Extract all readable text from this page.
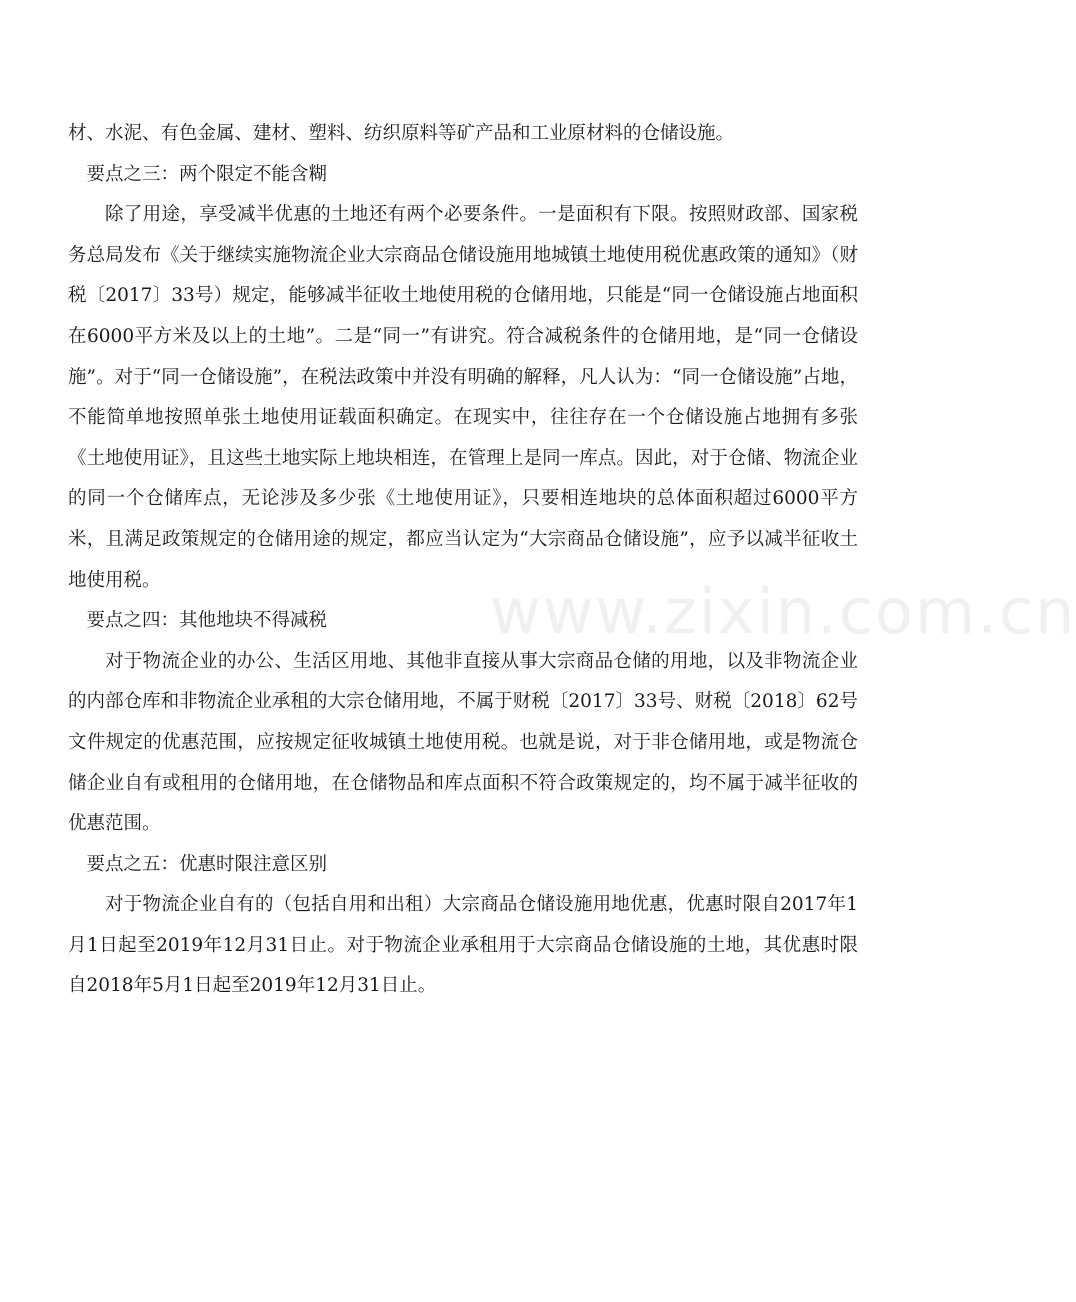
材、水泥、有色金属、建材、塑料、纺织原料等矿产品和工业原材料的仓储设施。

要点之三：两个限定不能含糊

除了用途，享受减半优惠的土地还有两个必要条件。一是面积有下限。按照财政部、国家税务总局发布《关于继续实施物流企业大宗商品仓储设施用地城镇土地使用税优惠政策的通知》（财税〔2017〕33号）规定，能够减半征收土地使用税的仓储用地，只能是“同一仓储设施占地面积在6000平方米及以上的土地”。二是“同一”有讲究。符合减税条件的仓储用地，是“同一仓储设施”。对于“同一仓储设施”，在税法政策中并没有明确的解释，凡人认为：“同一仓储设施”占地，不能简单地按照单张土地使用证载面积确定。在现实中，往往存在一个仓储设施占地拥有多张《土地使用证》，且这些土地实际上地块相连，在管理上是同一库点。因此，对于仓储、物流企业的同一个仓储库点，无论涉及多少张《土地使用证》，只要相连地块的总体面积超过6000平方米，且满足政策规定的仓储用途的规定，都应当认定为“大宗商品仓储设施”，应予以减半征收土地使用税。

要点之四：其他地块不得减税

对于物流企业的办公、生活区用地、其他非直接从事大宗商品仓储的用地，以及非物流企业的内部仓库和非物流企业承租的大宗仓储用地，不属于财税〔2017〕33号、财税〔2018〕62号文件规定的优惠范围，应按规定征收城镇土地使用税。也就是说，对于非仓储用地，或是物流仓储企业自有或租用的仓储用地，在仓储物品和库点面积不符合政策规定的，均不属于减半征收的优惠范围。

要点之五：优惠时限注意区别

对于物流企业自有的（包括自用和出租）大宗商品仓储设施用地优惠，优惠时限自2017年1月1日起至2019年12月31日止。对于物流企业承租用于大宗商品仓储设施的土地，其优惠时限自2018年5月1日起至2019年12月31日止。

www.zixin.com.cn
